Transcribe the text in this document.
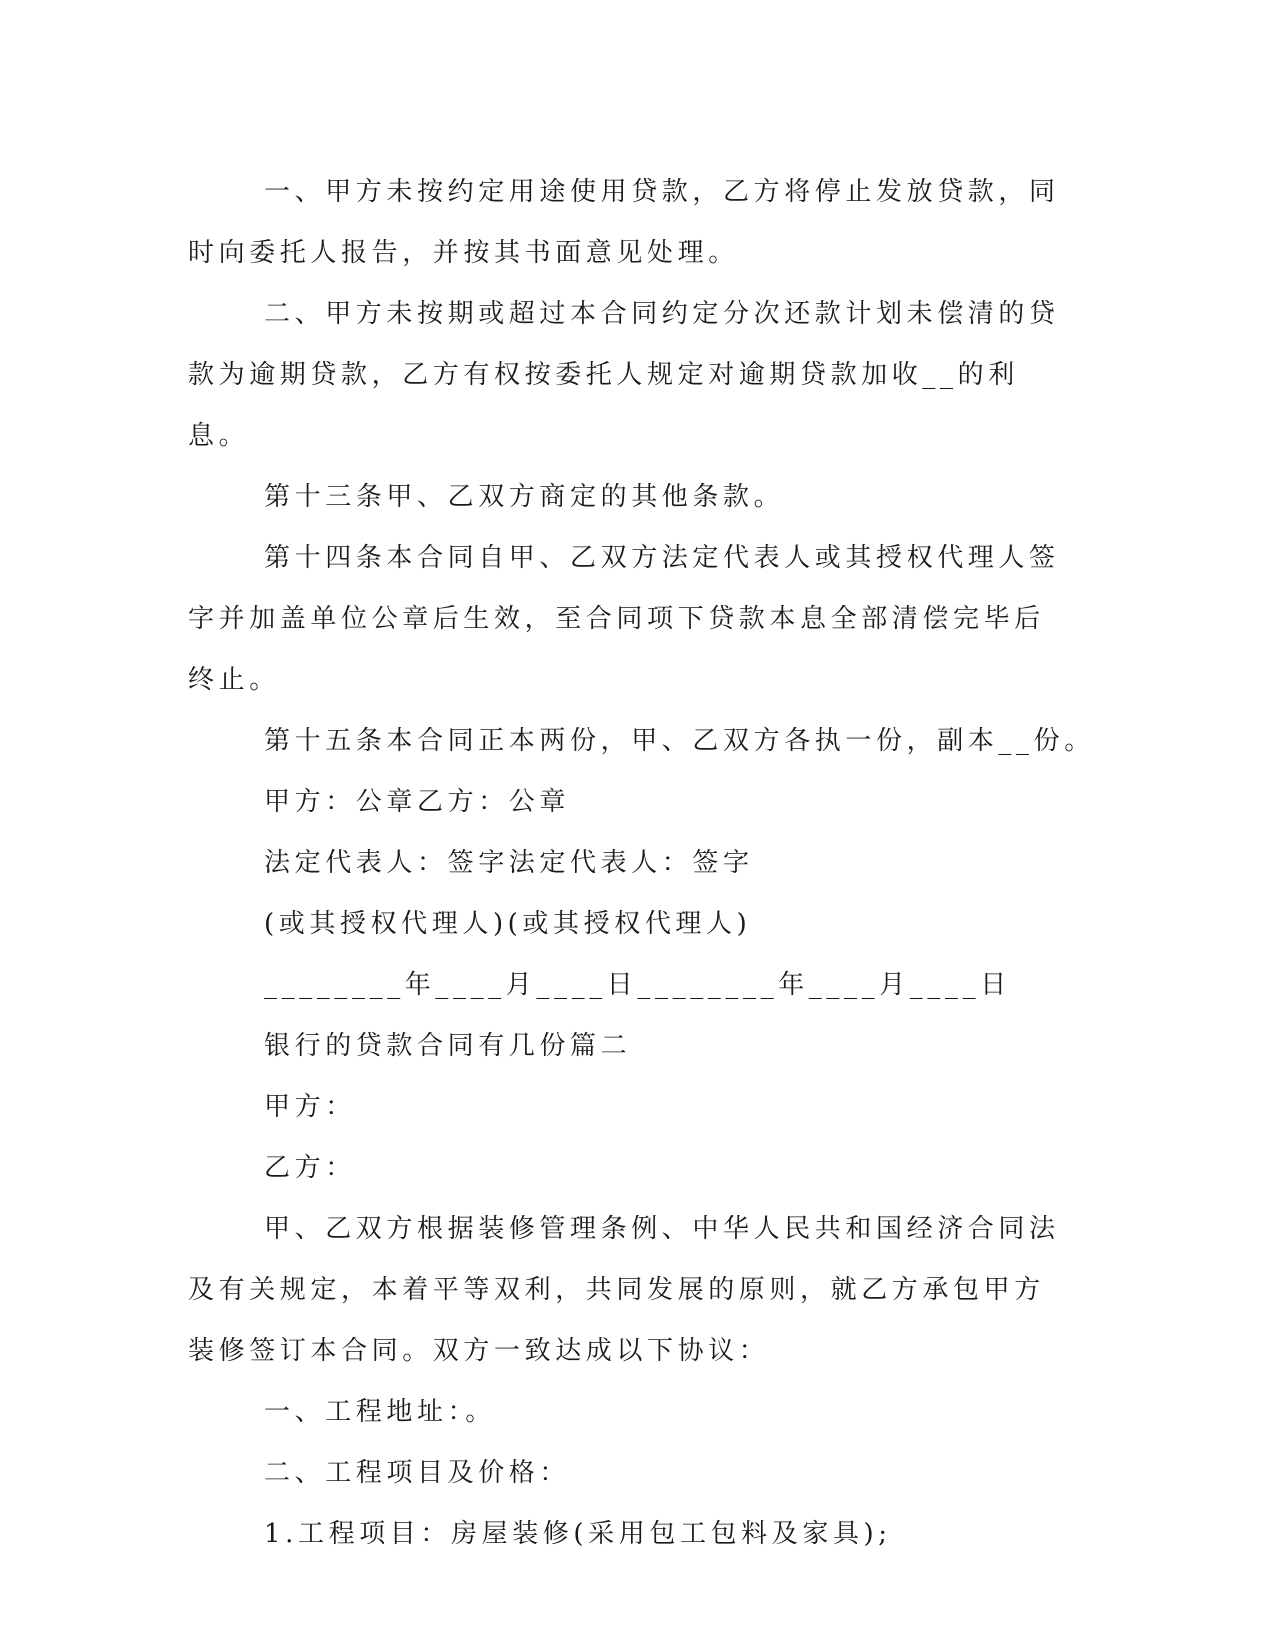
一、甲方未按约定用途使用贷款，乙方将停止发放贷款，同时向委托人报告，并按其书面意见处理。

二、甲方未按期或超过本合同约定分次还款计划未偿清的贷款为逾期贷款，乙方有权按委托人规定对逾期贷款加收__的利息。

第十三条甲、乙双方商定的其他条款。

第十四条本合同自甲、乙双方法定代表人或其授权代理人签字并加盖单位公章后生效，至合同项下贷款本息全部清偿完毕后终止。

第十五条本合同正本两份，甲、乙双方各执一份，副本__份。

甲方：公章乙方：公章

法定代表人：签字法定代表人：签字

(或其授权代理人)(或其授权代理人)

________年____月____日________年____月____日

银行的贷款合同有几份篇二

甲方：

乙方：

甲、乙双方根据装修管理条例、中华人民共和国经济合同法及有关规定，本着平等双利，共同发展的原则，就乙方承包甲方装修签订本合同。双方一致达成以下协议：

一、工程地址：。

二、工程项目及价格：

1.工程项目：房屋装修(采用包工包料及家具);
